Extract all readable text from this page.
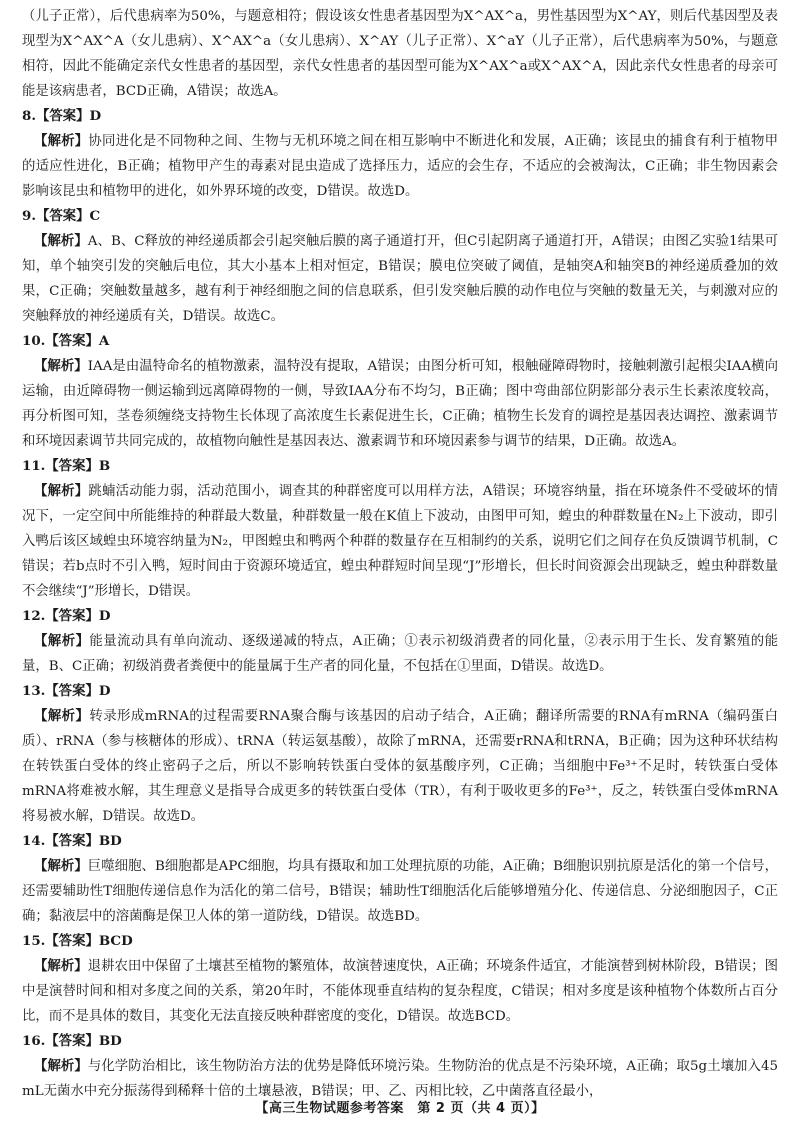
（儿子正常），后代患病率为50%，与题意相符；假设该女性患者基因型为X^AX^a，男性基因型为X^AY，则后代基因型及表现型为X^AX^A（女儿患病）、X^AX^a（女儿患病）、X^AY（儿子正常）、X^aY（儿子正常），后代患病率为50%，与题意相符，因此不能确定亲代女性患者的基因型，亲代女性患者的基因型可能为X^AX^a或X^AX^A，因此亲代女性患者的母亲可能是该病患者，BCD正确，A错误；故选A。

8.【答案】D

【解析】协同进化是不同物种之间、生物与无机环境之间在相互影响中不断进化和发展，A正确；该昆虫的捕食有利于植物甲的适应性进化，B正确；植物甲产生的毒素对昆虫造成了选择压力，适应的会生存，不适应的会被淘汰，C正确；非生物因素会影响该昆虫和植物甲的进化，如外界环境的改变，D错误。故选D。

9.【答案】C

【解析】A、B、C释放的神经递质都会引起突触后膜的离子通道打开，但C引起阴离子通道打开，A错误；由图乙实验1结果可知，单个轴突引发的突触后电位，其大小基本上相对恒定，B错误；膜电位突破了阈值，是轴突A和轴突B的神经递质叠加的效果，C正确；突触数量越多，越有利于神经细胞之间的信息联系，但引发突触后膜的动作电位与突触的数量无关，与刺激对应的突触释放的神经递质有关，D错误。故选C。

10.【答案】A

【解析】IAA是由温特命名的植物激素，温特没有提取，A错误；由图分析可知，根触碰障碍物时，接触刺激引起根尖IAA横向运输，由近障碍物一侧运输到远离障碍物的一侧，导致IAA分布不均匀，B正确；图中弯曲部位阴影部分表示生长素浓度较高，再分析图可知，茎卷须缠绕支持物生长体现了高浓度生长素促进生长，C正确；植物生长发育的调控是基因表达调控、激素调节和环境因素调节共同完成的，故植物向触性是基因表达、激素调节和环境因素参与调节的结果，D正确。故选A。

11.【答案】B

【解析】跳蝻活动能力弱，活动范围小，调查其的种群密度可以用样方法，A错误；环境容纳量，指在环境条件不受破坏的情况下，一定空间中所能维持的种群最大数量，种群数量一般在K值上下波动，由图甲可知，蝗虫的种群数量在N₂上下波动，即引入鸭后该区域蝗虫环境容纳量为N₂，甲图蝗虫和鸭两个种群的数量存在互相制约的关系，说明它们之间存在负反馈调节机制，C错误；若b点时不引入鸭，短时间由于资源环境适宜，蝗虫种群短时间呈现“J”形增长，但长时间资源会出现缺乏，蝗虫种群数量不会继续“J”形增长，D错误。

12.【答案】D

【解析】能量流动具有单向流动、逐级递减的特点，A正确；①表示初级消费者的同化量，②表示用于生长、发育繁殖的能量，B、C正确；初级消费者粪便中的能量属于生产者的同化量，不包括在①里面，D错误。故选D。

13.【答案】D

【解析】转录形成mRNA的过程需要RNA聚合酶与该基因的启动子结合，A正确；翻译所需要的RNA有mRNA（编码蛋白质）、rRNA（参与核糖体的形成）、tRNA（转运氨基酸），故除了mRNA，还需要rRNA和tRNA，B正确；因为这种环状结构在转铁蛋白受体的终止密码子之后，所以不影响转铁蛋白受体的氨基酸序列，C正确；当细胞中Fe³⁺不足时，转铁蛋白受体mRNA将难被水解，其生理意义是指导合成更多的转铁蛋白受体（TR），有利于吸收更多的Fe³⁺，反之，转铁蛋白受体mRNA将易被水解，D错误。故选D。

14.【答案】BD

【解析】巨噬细胞、B细胞都是APC细胞，均具有摄取和加工处理抗原的功能，A正确；B细胞识别抗原是活化的第一个信号，还需要辅助性T细胞传递信息作为活化的第二信号，B错误；辅助性T细胞活化后能够增殖分化、传递信息、分泌细胞因子，C正确；黏液层中的溶菌酶是保卫人体的第一道防线，D错误。故选BD。

15.【答案】BCD

【解析】退耕农田中保留了土壤甚至植物的繁殖体，故演替速度快，A正确；环境条件适宜，才能演替到树林阶段，B错误；图中是演替时间和相对多度之间的关系，第20年时，不能体现垂直结构的复杂程度，C错误；相对多度是该种植物个体数所占百分比，而不是具体的数目，其变化无法直接反映种群密度的变化，D错误。故选BCD。

16.【答案】BD

【解析】与化学防治相比，该生物防治方法的优势是降低环境污染。生物防治的优点是不污染环境，A正确；取5g土壤加入45 mL无菌水中充分振荡得到稀释十倍的土壤悬液，B错误；甲、乙、丙相比较，乙中菌落直径最小，

【高三生物试题参考答案　第 2 页（共 4 页）】
